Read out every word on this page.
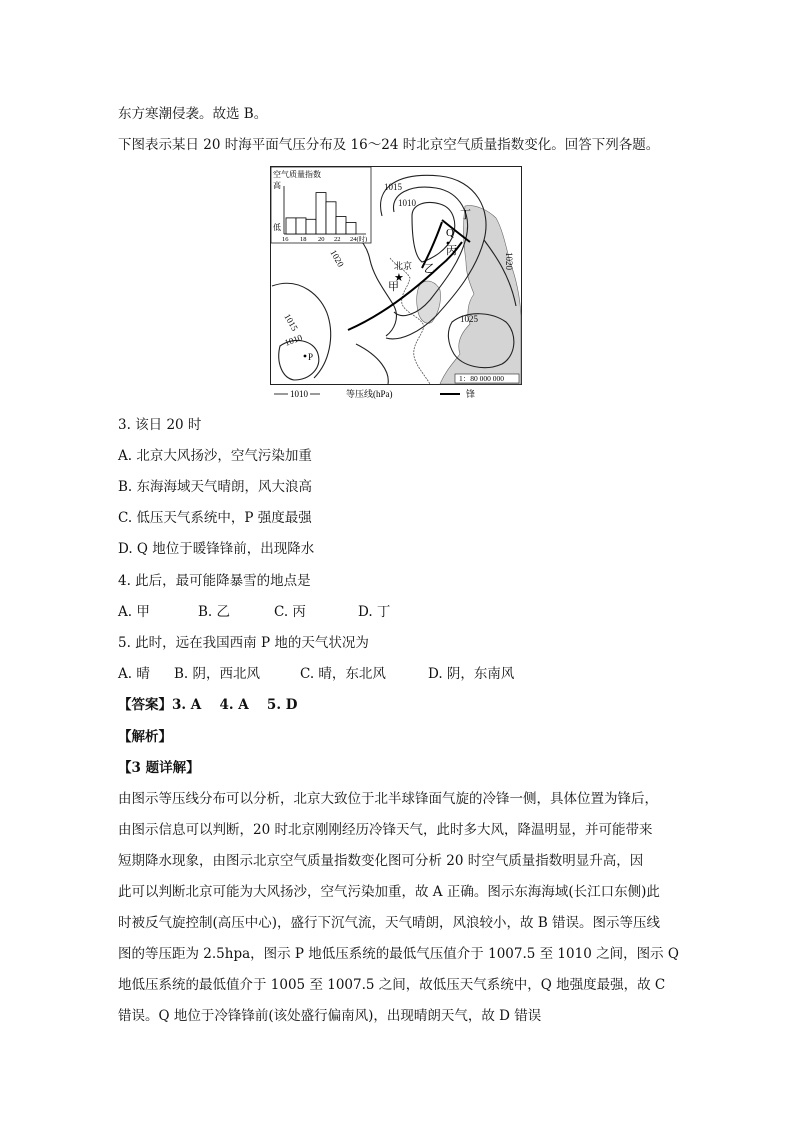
东方寒潮侵袭。故选 B。
下图表示某日 20 时海平面气压分布及 16～24 时北京空气质量指数变化。回答下列各题。
1015
1010
1020
1015
1010
1025
1020
北京
★
Q
丁
丙
乙
甲
P
1：80 000 000
空气质量指数
高
低
16 18 20 22 24(时)
1010	等压线(hPa)	锋
3. 该日 20 时
A. 北京大风扬沙，空气污染加重
B. 东海海域天气晴朗，风大浪高
C. 低压天气系统中，P 强度最强
D. Q 地位于暖锋锋前，出现降水
4. 此后，最可能降暴雪的地点是
A. 甲	B. 乙	C. 丙	D. 丁
5. 此时，远在我国西南 P 地的天气状况为
A. 晴 B. 阴，西北风	C. 晴，东北风	D. 阴，东南风
【答案】3. A　 4. A　 5. D
【解析】
【3 题详解】
由图示等压线分布可以分析，北京大致位于北半球锋面气旋的冷锋一侧，具体位置为锋后，
由图示信息可以判断，20 时北京刚刚经历冷锋天气，此时多大风，降温明显，并可能带来
短期降水现象，由图示北京空气质量指数变化图可分析 20 时空气质量指数明显升高，因
此可以判断北京可能为大风扬沙，空气污染加重，故 A 正确。图示东海海域(长江口东侧)此
时被反气旋控制(高压中心)，盛行下沉气流，天气晴朗，风浪较小，故 B 错误。图示等压线
图的等压距为 2.5hpa，图示 P 地低压系统的最低气压值介于 1007.5 至 1010 之间，图示 Q
地低压系统的最低值介于 1005 至 1007.5 之间，故低压天气系统中，Q 地强度最强，故 C
错误。Q 地位于冷锋锋前(该处盛行偏南风)，出现晴朗天气，故 D 错误
